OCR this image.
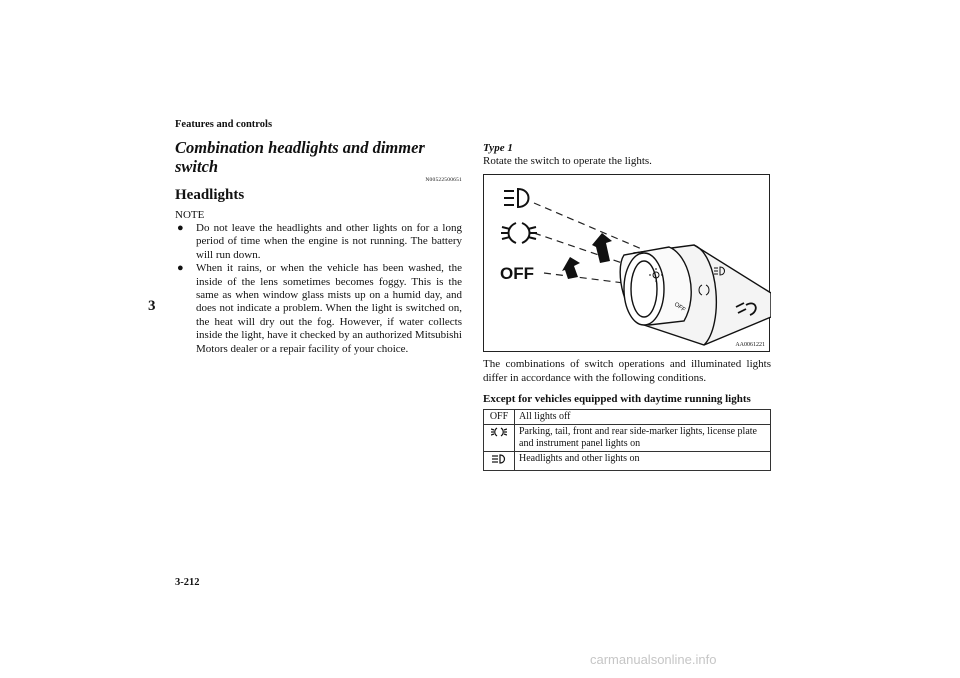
Features and controls
3
3-212
carmanualsonline.info
Combination headlights and dimmer switch
N00522500651
Headlights
NOTE
● Do not leave the headlights and other lights on for a long period of time when the engine is not running. The battery will run down.
● When it rains, or when the vehicle has been washed, the inside of the lens sometimes becomes foggy. This is the same as when window glass mists up on a humid day, and does not indicate a problem. When the light is switched on, the heat will dry out the fog. However, if water collects inside the light, have it checked by an authorized Mitsubishi Motors dealer or a repair facility of your choice.
Type 1
Rotate the switch to operate the lights.
OFF
OFF
AA0061221
The combinations of switch operations and illuminated lights differ in accordance with the following conditions.
Except for vehicles equipped with daytime running lights
OFF	All lights off
	Parking, tail, front and rear side-marker lights, license plate and instrument panel lights on
	Headlights and other lights on
